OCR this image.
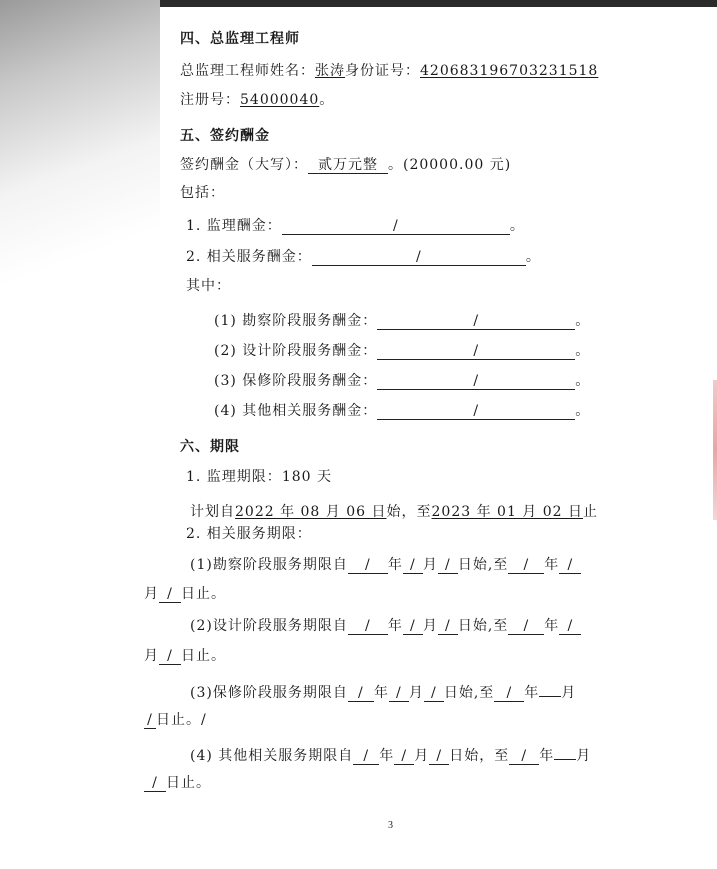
四、总监理工程师
总监理工程师姓名：张涛身份证号：420683196703231518
注册号：54000040。
五、签约酬金
签约酬金（大写）： 贰万元整 。(20000.00 元)
包括：
1. 监理酬金：	/	。
2. 相关服务酬金：	/	。
其中：
(1) 勘察阶段服务酬金：	/	。
(2) 设计阶段服务酬金：	/	。
(3) 保修阶段服务酬金：	/	。
(4) 其他相关服务酬金：	/	。
六、期限
1. 监理期限：180 天
计划自2022 年 08 月 06 日始，至2023 年 01 月 02 日止
2. 相关服务期限：
(1)勘察阶段服务期限自 / 年 / 月 / 日始,至 / 年 /
月 / 日止。
(2)设计阶段服务期限自 / 年 / 月 / 日始,至 / 年 /
月 / 日止。
(3)保修阶段服务期限自 / 年 / 月 / 日始,至 / 年 月
/ 日止。/
(4) 其他相关服务期限自 / 年 / 月 / 日始，至 / 年 月
/ 日止。
3
